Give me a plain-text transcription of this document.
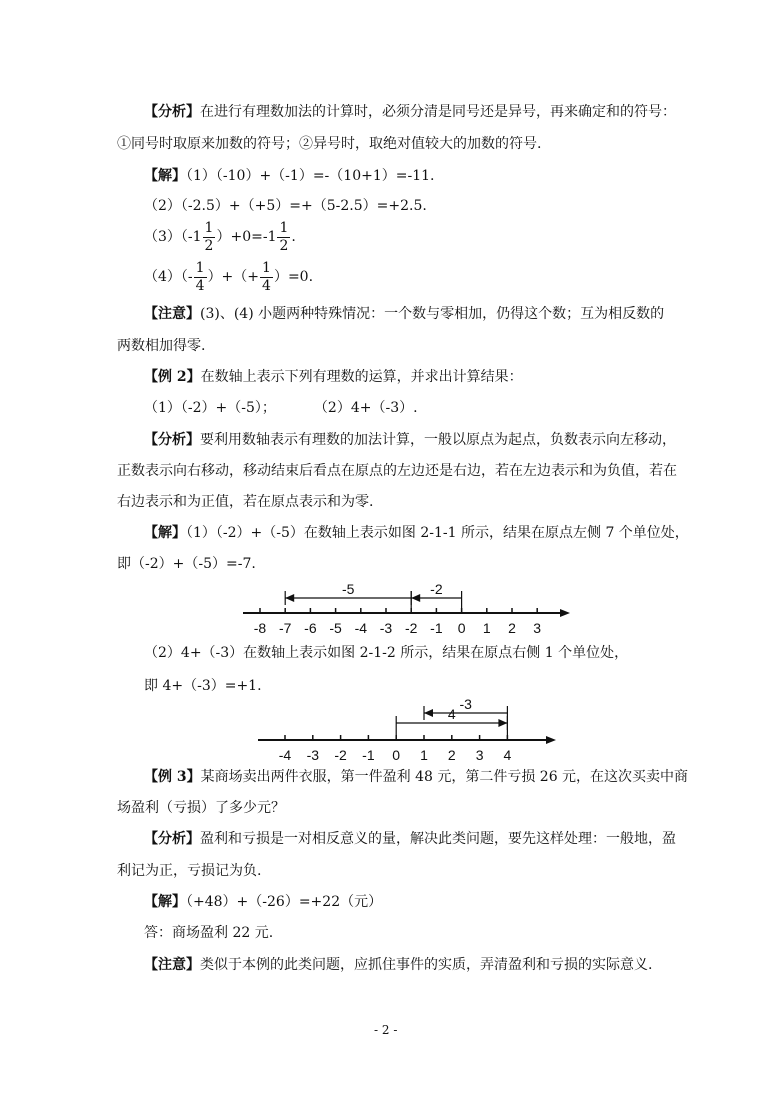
【分析】在进行有理数加法的计算时，必须分清是同号还是异号，再来确定和的符号：
①同号时取原来加数的符号；②异号时，取绝对值较大的加数的符号.
【解】（1）（-10）+（-1）=-（10+1）=-11.
（2）（-2.5）+（+5）=+（5-2.5）=+2.5.
$(3)(-1 \frac{1}{2} )+0=-1 \frac{1}{2}$ .
$(4)(- \frac{1}{4}$ ）+（+ $\frac{1}{4} )=0$.
【注意】(3)、(4) 小题两种特殊情况：一个数与零相加，仍得这个数；互为相反数的
两数相加得零.
【例 2】在数轴上表示下列有理数的运算，并求出计算结果：
（1）（-2）+（-5）；	（2）4+（-3）.
【分析】要利用数轴表示有理数的加法计算，一般以原点为起点，负数表示向左移动，
正数表示向右移动，移动结束后看点在原点的左边还是右边，若在左边表示和为负值，若在
右边表示和为正值，若在原点表示和为零.
【解】（1）（-2）+（-5）在数轴上表示如图 2-1-1 所示，结果在原点左侧 7 个单位处，
即（-2）+（-5）=-7.
-8 -7 -6 -5 -4 -3 -2 -1 0 1 2 3
-5	-2
-4 -3 -2 -1 0 1 2 3 4
4
-3
（2）4+（-3）在数轴上表示如图 2-1-2 所示，结果在原点右侧 1 个单位处，
即 4+（-3）=+1.
【例 3】某商场卖出两件衣服，第一件盈利 48 元，第二件亏损 26 元，在这次买卖中商
场盈利（亏损）了多少元？
【分析】盈利和亏损是一对相反意义的量，解决此类问题，要先这样处理：一般地，盈
利记为正，亏损记为负.
【解】（+48）+（-26）=+22（元）
答：商场盈利 22 元.
【注意】类似于本例的此类问题，应抓住事件的实质，弄清盈利和亏损的实际意义.
- 2 -
